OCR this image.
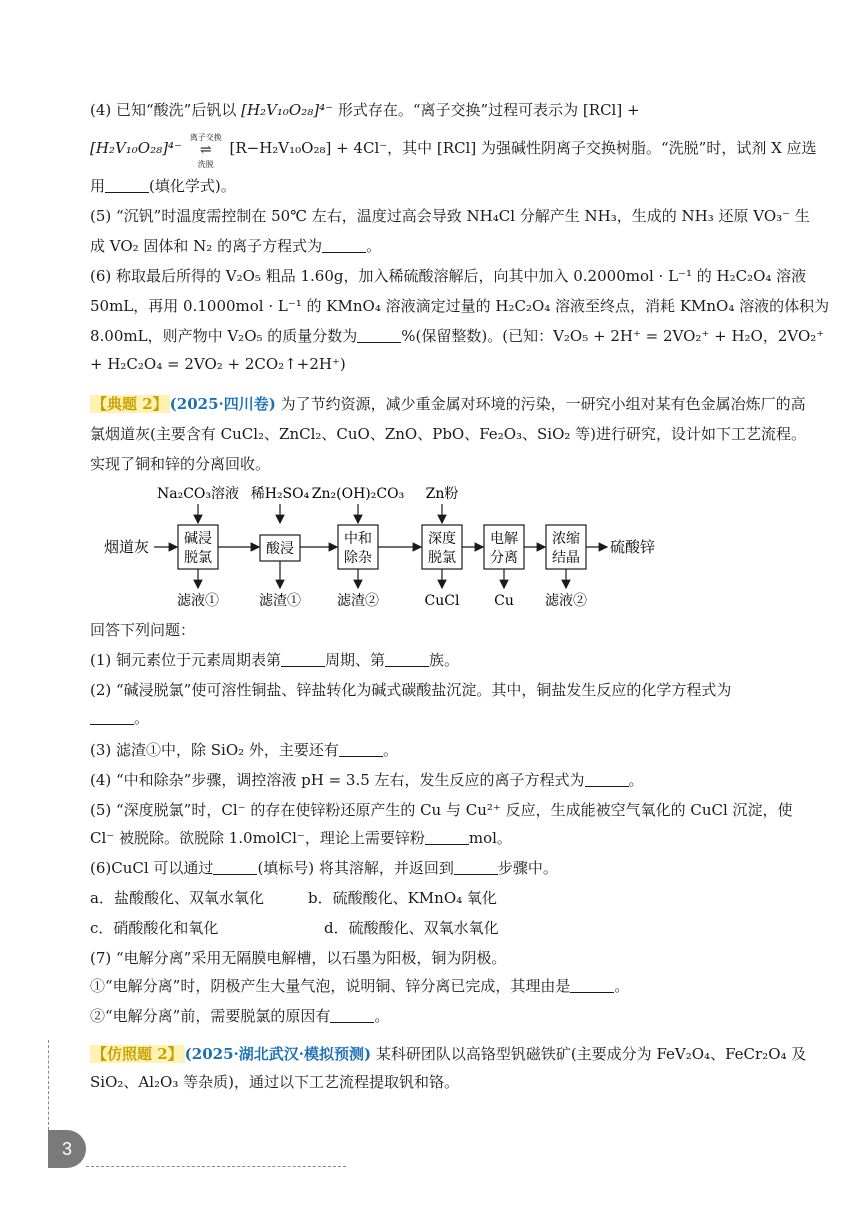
(4) 已知“酸洗”后钒以 [H₂V₁₀O₂₈]⁴⁻ 形式存在。“离子交换”过程可表示为 [RCl] +
[H₂V₁₀O₂₈]⁴⁻
离子交换
⇌
洗脱
[R−H₂V₁₀O₂₈] + 4Cl⁻，其中 [RCl] 为强碱性阴离子交换树脂。“洗脱”时，试剂 X 应选
用	(填化学式)。
(5) “沉钒”时温度需控制在 50℃ 左右，温度过高会导致 NH₄Cl 分解产生 NH₃，生成的 NH₃ 还原 VO₃⁻ 生
成 VO₂ 固体和 N₂ 的离子方程式为	。
(6) 称取最后所得的 V₂O₅ 粗品 1.60g，加入稀硫酸溶解后，向其中加入 0.2000mol · L⁻¹ 的 H₂C₂O₄ 溶液
50mL，再用 0.1000mol · L⁻¹ 的 KMnO₄ 溶液滴定过量的 H₂C₂O₄ 溶液至终点，消耗 KMnO₄ 溶液的体积为
8.00mL，则产物中 V₂O₅ 的质量分数为	%(保留整数)。(已知：V₂O₅ + 2H⁺ = 2VO₂⁺ + H₂O，2VO₂⁺
+ H₂C₂O₄ = 2VO₂ + 2CO₂↑+2H⁺)
【典题 2】 (2025·四川卷) 为了节约资源，减少重金属对环境的污染，一研究小组对某有色金属冶炼厂的高
氯烟道灰(主要含有 CuCl₂、ZnCl₂、CuO、ZnO、PbO、Fe₂O₃、SiO₂ 等)进行研究，设计如下工艺流程。
实现了铜和锌的分离回收。
Na₂CO₃溶液 稀H₂SO₄ Zn₂(OH)₂CO₃ Zn粉
烟道灰 碱浸
脱氯
酸浸
中和
除杂
深度
脱氯
电解
分离
浓缩
结晶
硫酸锌
滤液①	滤渣①	滤渣②	CuCl Cu 滤液②
回答下列问题：
(1) 铜元素位于元素周期表第	周期、第	族。
(2) “碱浸脱氯”使可溶性铜盐、锌盐转化为碱式碳酸盐沉淀。其中，铜盐发生反应的化学方程式为
。
(3) 滤渣①中，除 SiO₂ 外，主要还有	。
(4) “中和除杂”步骤，调控溶液 pH = 3.5 左右，发生反应的离子方程式为	。
(5) “深度脱氯”时，Cl⁻ 的存在使锌粉还原产生的 Cu 与 Cu²⁺ 反应，生成能被空气氧化的 CuCl 沉淀，使
Cl⁻ 被脱除。欲脱除 1.0molCl⁻，理论上需要锌粉	mol。
(6)CuCl 可以通过	(填标号) 将其溶解，并返回到	步骤中。
a．盐酸酸化、双氧水氧化	b．硫酸酸化、KMnO₄ 氧化
c．硝酸酸化和氧化	d．硫酸酸化、双氧水氧化
(7) “电解分离”采用无隔膜电解槽，以石墨为阳极，铜为阴极。
①“电解分离”时，阴极产生大量气泡，说明铜、锌分离已完成，其理由是	。
②“电解分离”前，需要脱氯的原因有	。
【仿照题 2】 (2025·湖北武汉·模拟预测) 某科研团队以高铬型钒磁铁矿(主要成分为 FeV₂O₄、FeCr₂O₄ 及
SiO₂、Al₂O₃ 等杂质)，通过以下工艺流程提取钒和铬。
3
